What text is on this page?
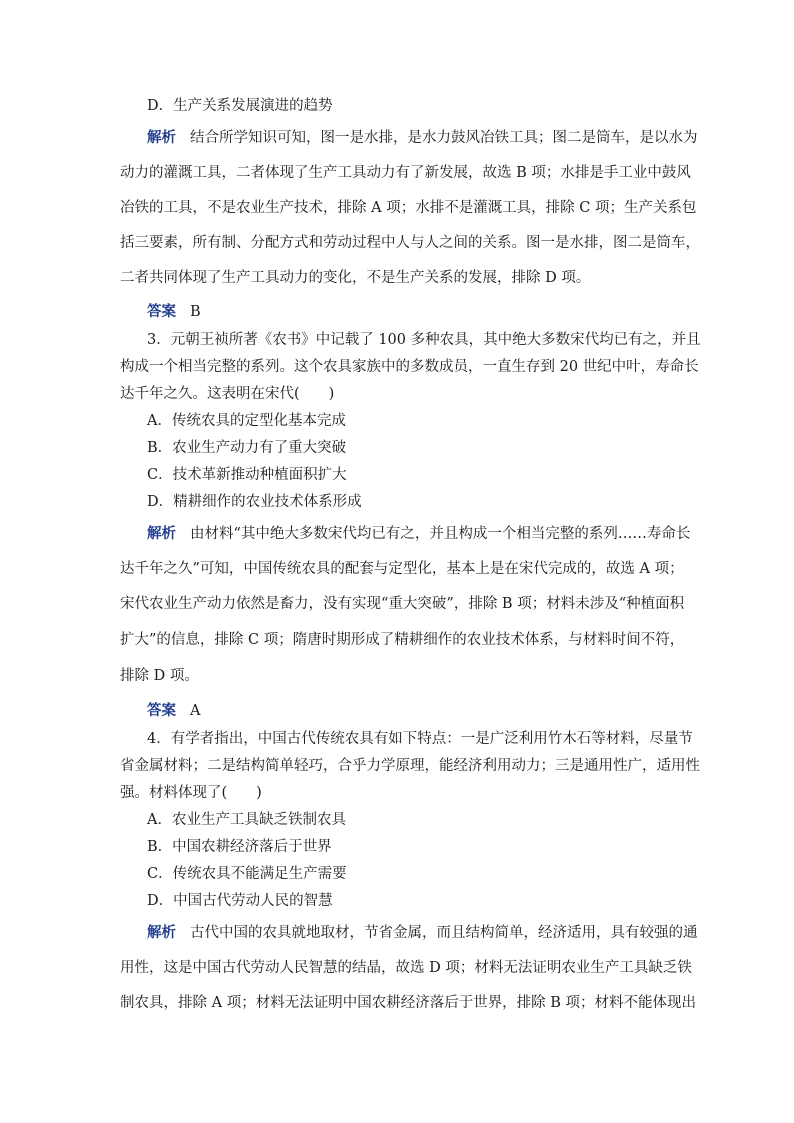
D．生产关系发展演进的趋势
解析 结合所学知识可知，图一是水排，是水力鼓风冶铁工具；图二是筒车，是以水为
动力的灌溉工具，二者体现了生产工具动力有了新发展，故选 B 项；水排是手工业中鼓风
冶铁的工具，不是农业生产技术，排除 A 项；水排不是灌溉工具，排除 C 项；生产关系包
括三要素，所有制、分配方式和劳动过程中人与人之间的关系。图一是水排，图二是筒车，
二者共同体现了生产工具动力的变化，不是生产关系的发展，排除 D 项。
答案 B
3．元朝王祯所著《农书》中记载了 100 多种农具，其中绝大多数宋代均已有之，并且
构成一个相当完整的系列。这个农具家族中的多数成员，一直生存到 20 世纪中叶，寿命长
达千年之久。这表明在宋代(　　)
A．传统农具的定型化基本完成
B．农业生产动力有了重大突破
C．技术革新推动种植面积扩大
D．精耕细作的农业技术体系形成
解析 由材料“其中绝大多数宋代均已有之，并且构成一个相当完整的系列……寿命长
达千年之久”可知，中国传统农具的配套与定型化，基本上是在宋代完成的，故选 A 项；
宋代农业生产动力依然是畜力，没有实现“重大突破”，排除 B 项；材料未涉及“种植面积
扩大”的信息，排除 C 项；隋唐时期形成了精耕细作的农业技术体系，与材料时间不符，
排除 D 项。
答案 A
4．有学者指出，中国古代传统农具有如下特点：一是广泛利用竹木石等材料，尽量节
省金属材料；二是结构简单轻巧，合乎力学原理，能经济利用动力；三是通用性广，适用性
强。材料体现了(　　)
A．农业生产工具缺乏铁制农具
B．中国农耕经济落后于世界
C．传统农具不能满足生产需要
D．中国古代劳动人民的智慧
解析 古代中国的农具就地取材，节省金属，而且结构简单，经济适用，具有较强的通
用性，这是中国古代劳动人民智慧的结晶，故选 D 项；材料无法证明农业生产工具缺乏铁
制农具，排除 A 项；材料无法证明中国农耕经济落后于世界，排除 B 项；材料不能体现出
